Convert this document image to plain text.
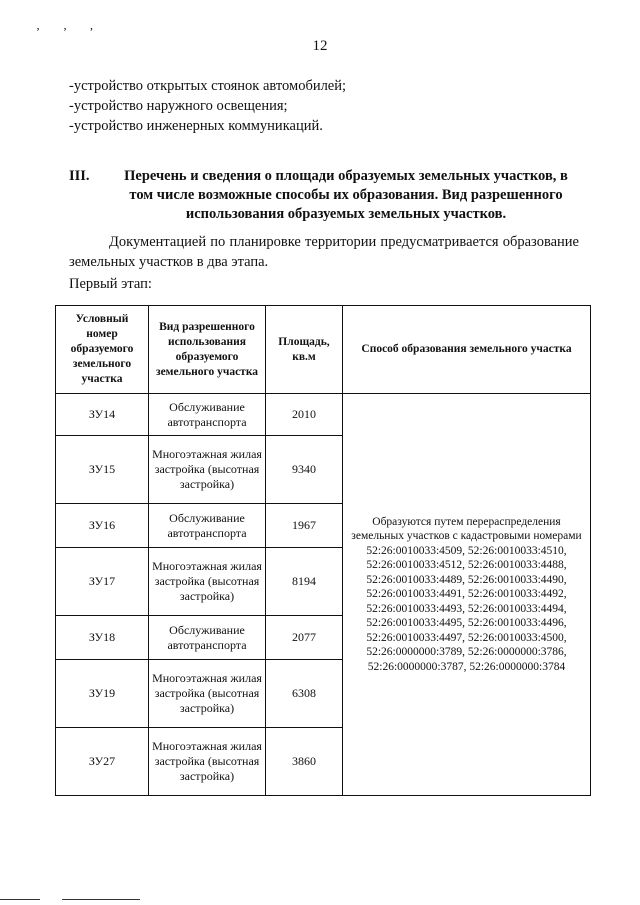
‚ ‚ ,
12
-устройство открытых стоянок автомобилей;
-устройство наружного освещения;
-устройство инженерных коммуникаций.
III.	Перечень и сведения о площади образуемых земельных участков, в том числе возможные способы их образования. Вид разрешенного использования образуемых земельных участков.
Документацией по планировке территории предусматривается образование земельных участков в два этапа.
Первый этап:
Условный номер образуемого земельного участка	Вид разрешенного использования образуемого земельного участка	Площадь, кв.м	Способ образования земельного участка
ЗУ14	Обслуживание автотранспорта	2010	Образуются путем перераспределения земельных участков с кадастровыми номерами 52:26:0010033:4509, 52:26:0010033:4510, 52:26:0010033:4512, 52:26:0010033:4488, 52:26:0010033:4489, 52:26:0010033:4490, 52:26:0010033:4491, 52:26:0010033:4492, 52:26:0010033:4493, 52:26:0010033:4494, 52:26:0010033:4495, 52:26:0010033:4496, 52:26:0010033:4497, 52:26:0010033:4500, 52:26:0000000:3789, 52:26:0000000:3786, 52:26:0000000:3787, 52:26:0000000:3784
ЗУ15	Многоэтажная жилая застройка (высотная застройка)	9340	
ЗУ16	Обслуживание автотранспорта	1967	
ЗУ17	Многоэтажная жилая застройка (высотная застройка)	8194	
ЗУ18	Обслуживание автотранспорта	2077	
ЗУ19	Многоэтажная жилая застройка (высотная застройка)	6308	
ЗУ27	Многоэтажная жилая застройка (высотная застройка)	3860	
